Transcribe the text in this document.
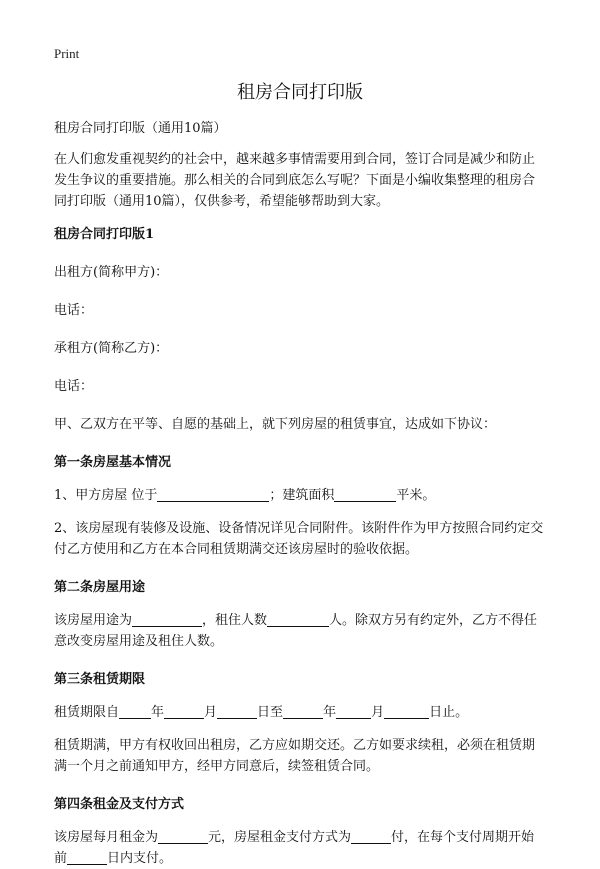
Print
租房合同打印版

租房合同打印版（通用10篇）

在人们愈发重视契约的社会中，越来越多事情需要用到合同，签订合同是减少和防止发生争议的重要措施。那么相关的合同到底怎么写呢？下面是小编收集整理的租房合同打印版（通用10篇），仅供参考，希望能够帮助到大家。

租房合同打印版1

出租方(简称甲方)：

电话：

承租方(简称乙方)：

电话：

甲、乙双方在平等、自愿的基础上，就下列房屋的租赁事宜，达成如下协议：

第一条房屋基本情况

1、甲方房屋 位于	；建筑面积	平米。

2、该房屋现有装修及设施、设备情况详见合同附件。该附件作为甲方按照合同约定交付乙方使用和乙方在本合同租赁期满交还该房屋时的验收依据。

第二条房屋用途

该房屋用途为	，租住人数	人。除双方另有约定外，乙方不得任意改变房屋用途及租住人数。

第三条租赁期限

租赁期限自 年	月	日至	年	月	日止。

租赁期满，甲方有权收回出租房，乙方应如期交还。乙方如要求续租，必须在租赁期满一个月之前通知甲方，经甲方同意后，续签租赁合同。

第四条租金及支付方式

该房屋每月租金为	元，房屋租金支付方式为	付，在每个支付周期开始前	日内支付。
